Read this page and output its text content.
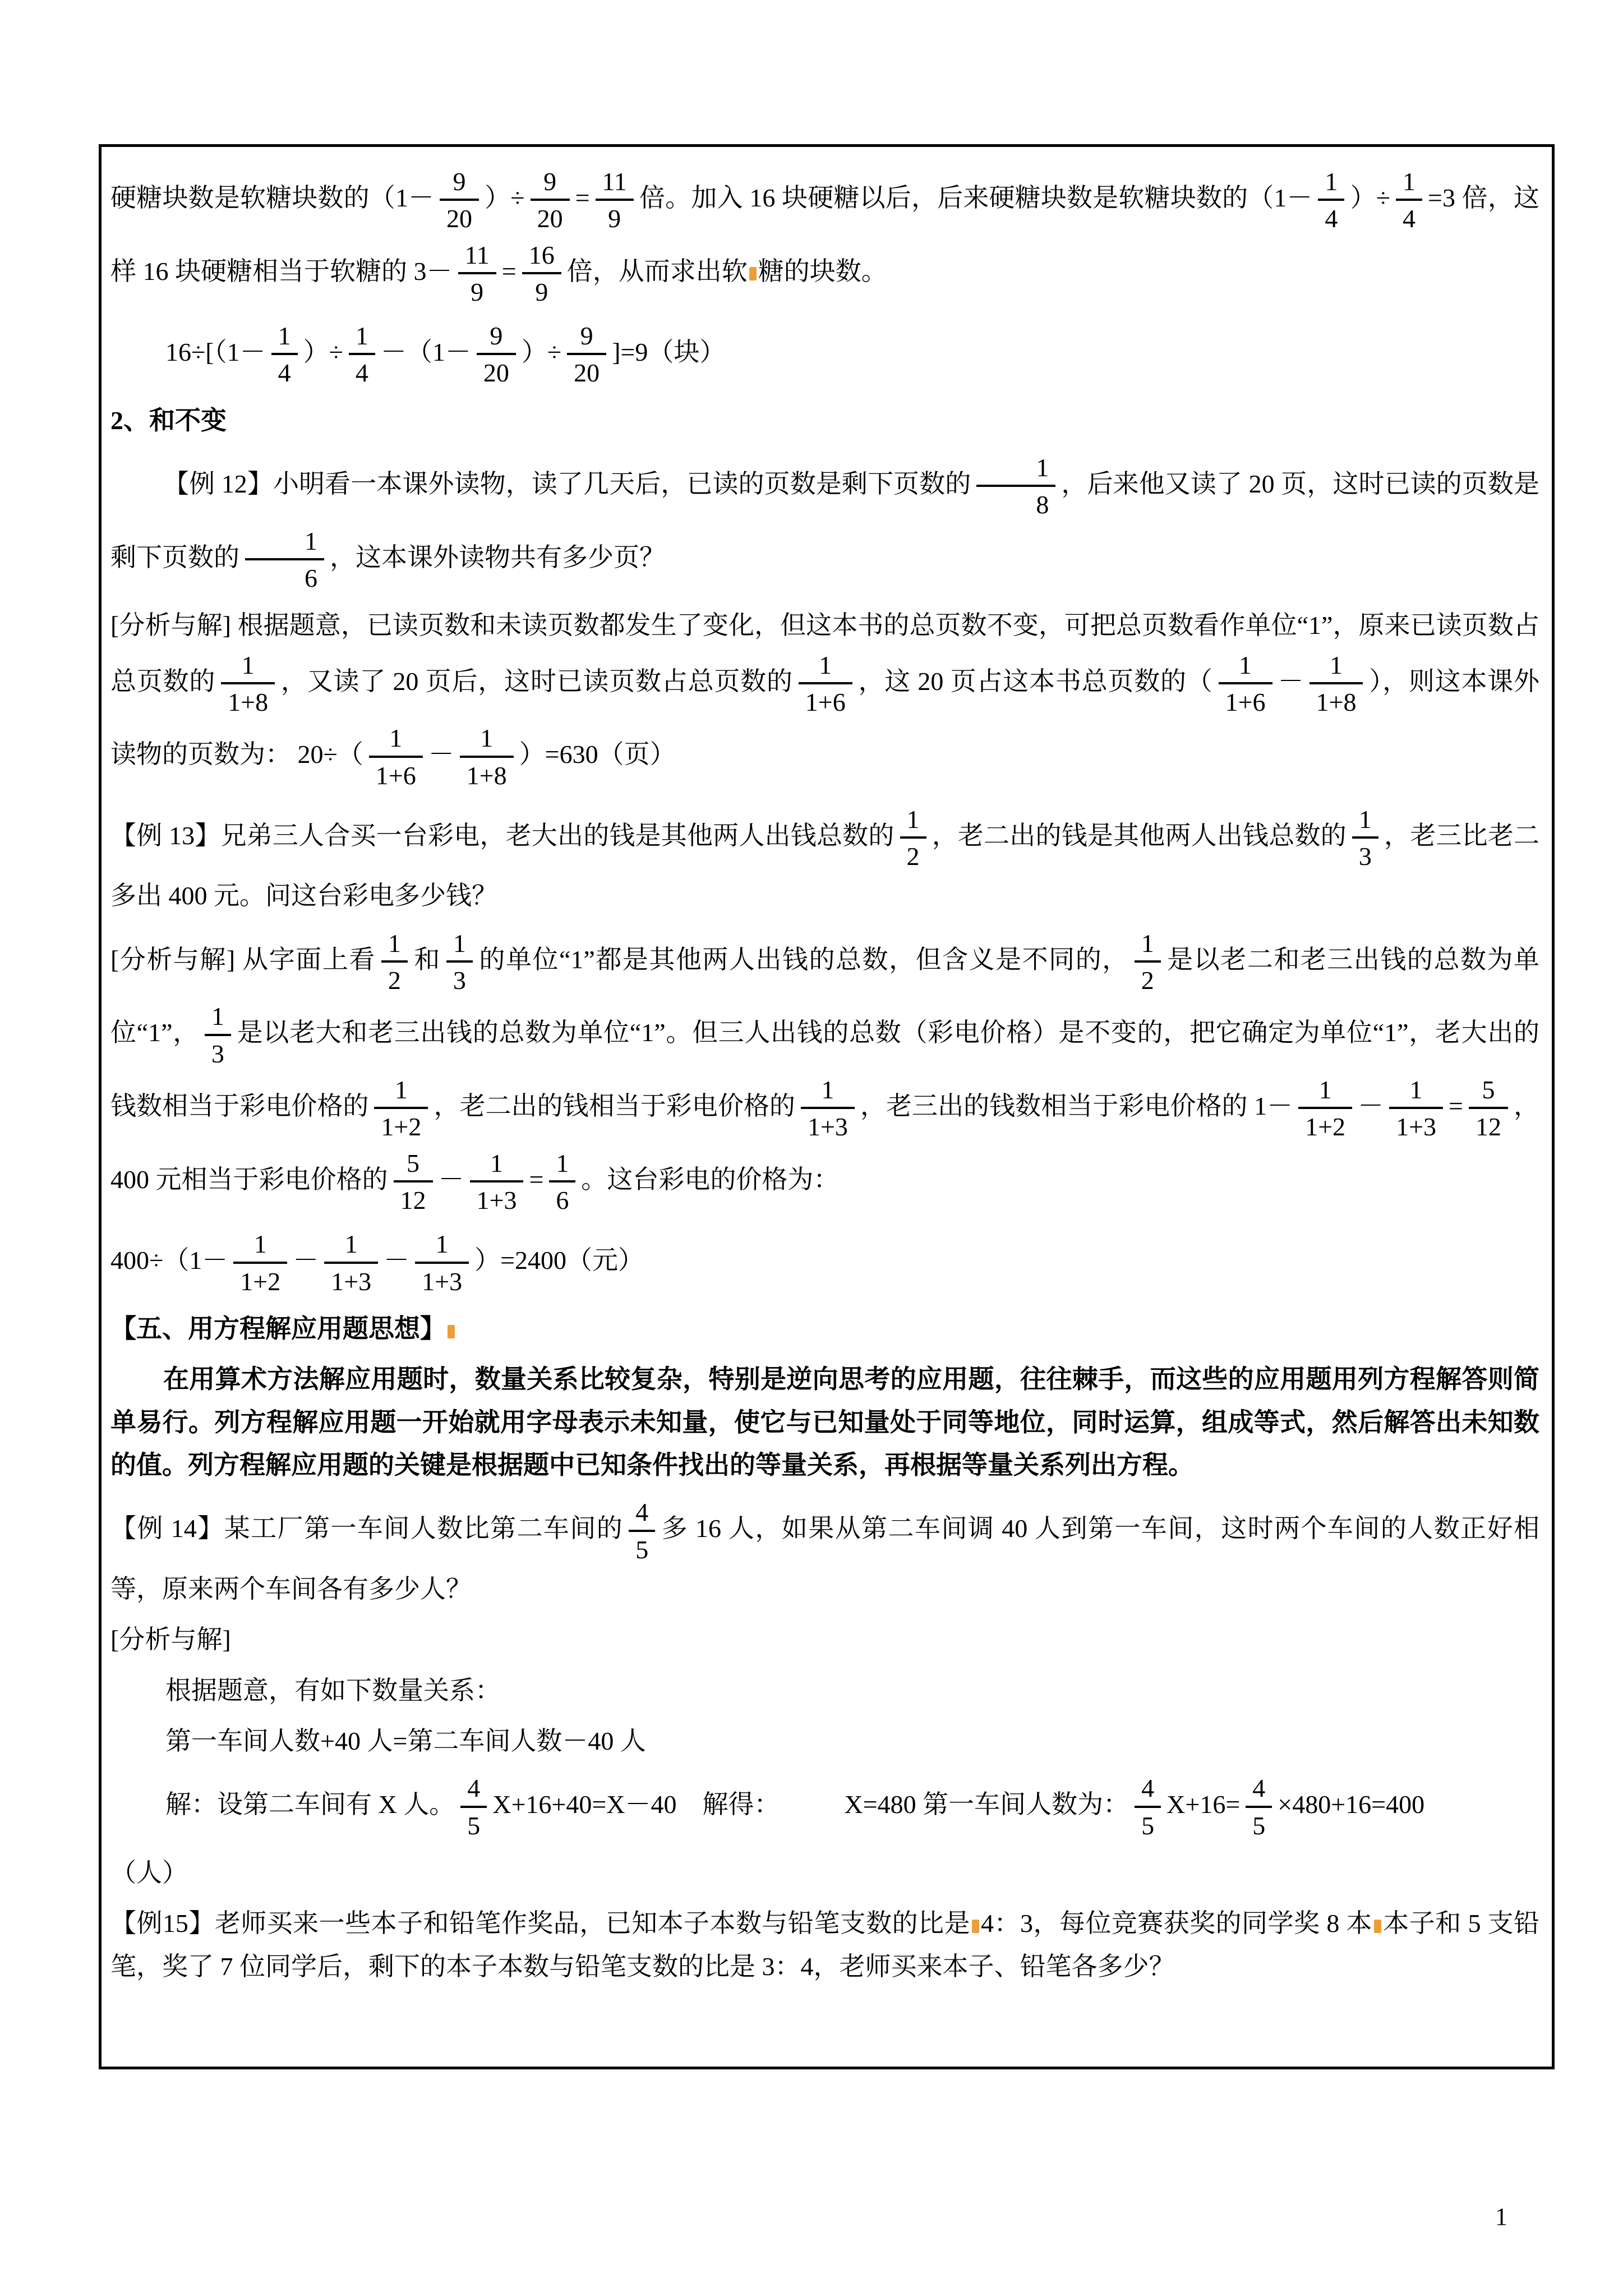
硬糖块数是软糖块数的（$1- \frac{9}{20}$ ）÷ $\frac{9}{20} = \frac{11}{9}$ 倍。加入 16 块硬糖以后，后来硬糖块数是软糖块数的（$1- \frac{1}{4}$ ）÷ $\frac{1}{4} =3$ 倍，这样 16 块硬糖相当于软糖的 $3- \frac{11}{9} = \frac{16}{9}$ 倍，从而求出软 糖的块数。

$16\div[(1- \frac{1}{4}$ ）÷ $\frac{1}{4} -(1- \frac{9}{20}$ ）÷ $\frac{9}{20} ]=9$（块）

2、和不变

【例 12】小明看一本课外读物，读了几天后，已读的页数是剩下页数的 $\frac{1}{8}$ ，后来他又读了 20 页，这时已读的页数是剩下页数的 $\frac{1}{6}$ ，这本课外读物共有多少页？

[分析与解] 根据题意，已读页数和未读页数都发生了变化，但这本书的总页数不变，可把总页数看作单位“1”，原来已读页数占总页数的 $\frac{1}{1+8}$ ，又读了 20 页后，这时已读页数占总页数的 $\frac{1}{1+6}$ ，这 20 页占这本书总页数的（ $\frac{1}{1+6} - \frac{1}{1+8}$ ），则这本课外读物的页数为： $20\div( \frac{1}{1+6} - \frac{1}{1+8} )=630$（页）

【例 13】兄弟三人合买一台彩电，老大出的钱是其他两人出钱总数的 $\frac{1}{2}$ ，老二出的钱是其他两人出钱总数的 $\frac{1}{3}$ ，老三比老二多出 400 元。问这台彩电多少钱？

[分析与解] 从字面上看 $\frac{1}{2}$ 和 $\frac{1}{3}$ 的单位“1”都是其他两人出钱的总数，但含义是不同的， $\frac{1}{2}$ 是以老二和老三出钱的总数为单位“1”， $\frac{1}{3}$ 是以老大和老三出钱的总数为单位“1”。但三人出钱的总数（彩电价格）是不变的，把它确定为单位“1”，老大出的钱数相当于彩电价格的 $\frac{1}{1+2}$ ，老二出的钱相当于彩电价格的 $\frac{1}{1+3}$ ，老三出的钱数相当于彩电价格的 $1- \frac{1}{1+2} - \frac{1}{1+3} = \frac{5}{12}$ ，400 元相当于彩电价格的 $\frac{5}{12} - \frac{1}{1+3} = \frac{1}{6}$ 。这台彩电的价格为：

$400\div(1- \frac{1}{1+2} - \frac{1}{1+3} - \frac{1}{1+3} )=2400$（元）

【五、用方程解应用题思想】

在用算术方法解应用题时，数量关系比较复杂，特别是逆向思考的应用题，往往棘手，而这些的应用题用列方程解答则简单易行。列方程解应用题一开始就用字母表示未知量，使它与已知量处于同等地位，同时运算，组成等式，然后解答出未知数的值。列方程解应用题的关键是根据题中已知条件找出的等量关系，再根据等量关系列出方程。

【例 14】某工厂第一车间人数比第二车间的 $\frac{4}{5}$ 多 16 人，如果从第二车间调 40 人到第一车间，这时两个车间的人数正好相等，原来两个车间各有多少人？

[分析与解]

根据题意，有如下数量关系：

第一车间人数+40 人=第二车间人数－40 人

解：设第二车间有 X 人。 $\frac{4}{5} X+16+40=X-40$　解得：　　　X=480 第一车间人数为： $\frac{4}{5} X+16= \frac{4}{5} \times 480+16=400$

（人）

【例15】老师买来一些本子和铅笔作奖品，已知本子本数与铅笔支数的比是 4：3，每位竞赛获奖的同学奖 8 本 本子和 5 支铅笔，奖了 7 位同学后，剩下的本子本数与铅笔支数的比是 3：4，老师买来本子、铅笔各多少？

1
